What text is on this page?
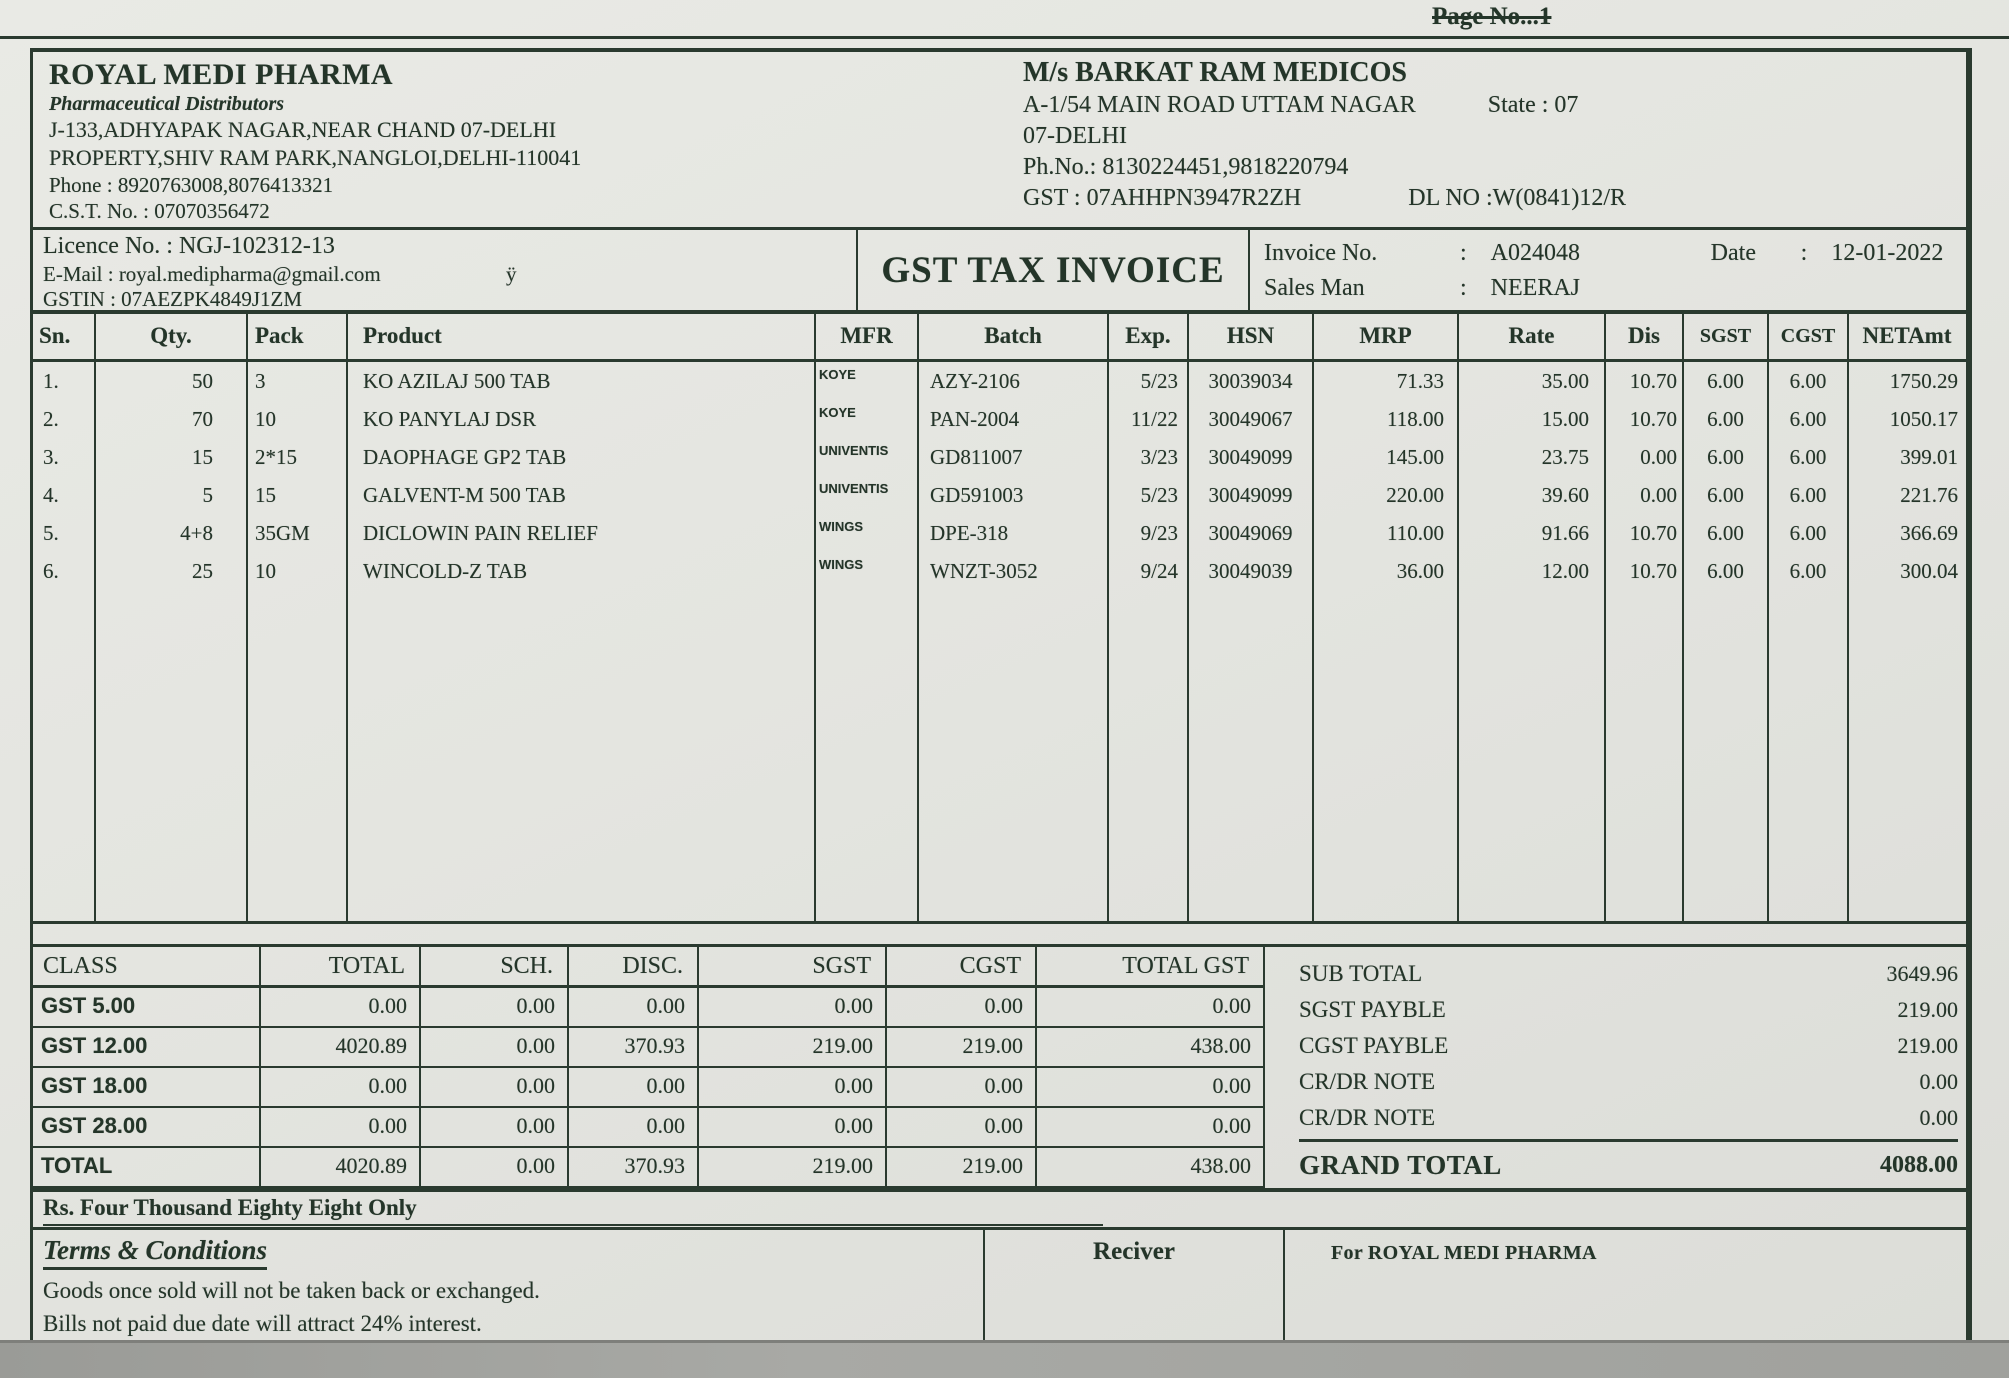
Page No...1
ROYAL MEDI PHARMA
Pharmaceutical Distributors
J-133,ADHYAPAK NAGAR,NEAR CHAND 07-DELHI
PROPERTY,SHIV RAM PARK,NANGLOI,DELHI-110041
Phone : 8920763008,8076413321
C.S.T. No. : 07070356472
M/s BARKAT RAM MEDICOS
A-1/54 MAIN ROAD UTTAM NAGAR	State : 07
07-DELHI
Ph.No.: 8130224451,9818220794
GST : 07AHHPN3947R2ZH	DL NO :W(0841)12/R
Licence No. : NGJ-102312-13
E-Mail : royal.medipharma@gmail.com	ÿ
GSTIN : 07AEZPK4849J1ZM
GST TAX INVOICE	Invoice No.	: A024048	Date	: 12-01-2022
Sales Man	: NEERAJ
Sn.	Qty.	Pack	Product	MFR	Batch	Exp.	HSN	MRP	Rate	Dis	SGST	CGST	NETAmt
1.	50	3	KO AZILAJ 500 TAB	KOYE	AZY-2106	5/23	30039034	71.33	35.00	10.70	6.00	6.00	1750.29
2.	70	10	KO PANYLAJ DSR	KOYE	PAN-2004	11/22	30049067	118.00	15.00	10.70	6.00	6.00	1050.17
3.	15	2*15	DAOPHAGE GP2 TAB	UNIVENTIS	GD811007	3/23	30049099	145.00	23.75	0.00	6.00	6.00	399.01
4.	5	15	GALVENT-M 500 TAB	UNIVENTIS	GD591003	5/23	30049099	220.00	39.60	0.00	6.00	6.00	221.76
5.	4+8	35GM	DICLOWIN PAIN RELIEF	WINGS	DPE-318	9/23	30049069	110.00	91.66	10.70	6.00	6.00	366.69
6.	25	10	WINCOLD-Z TAB	WINGS	WNZT-3052	9/24	30049039	36.00	12.00	10.70	6.00	6.00	300.04
CLASS	TOTAL	SCH.	DISC.	SGST	CGST	TOTAL GST
GST 5.00	0.00	0.00	0.00	0.00	0.00	0.00
GST 12.00	4020.89	0.00	370.93	219.00	219.00	438.00
GST 18.00	0.00	0.00	0.00	0.00	0.00	0.00
GST 28.00	0.00	0.00	0.00	0.00	0.00	0.00
TOTAL	4020.89	0.00	370.93	219.00	219.00	438.00
SUB TOTAL	3649.96
SGST PAYBLE	219.00
CGST PAYBLE	219.00
CR/DR NOTE	0.00
CR/DR NOTE	0.00
GRAND TOTAL	4088.00
Rs. Four Thousand Eighty Eight Only
Terms & Conditions
Goods once sold will not be taken back or exchanged.
Bills not paid due date will attract 24% interest.
Reciver	For ROYAL MEDI PHARMA
